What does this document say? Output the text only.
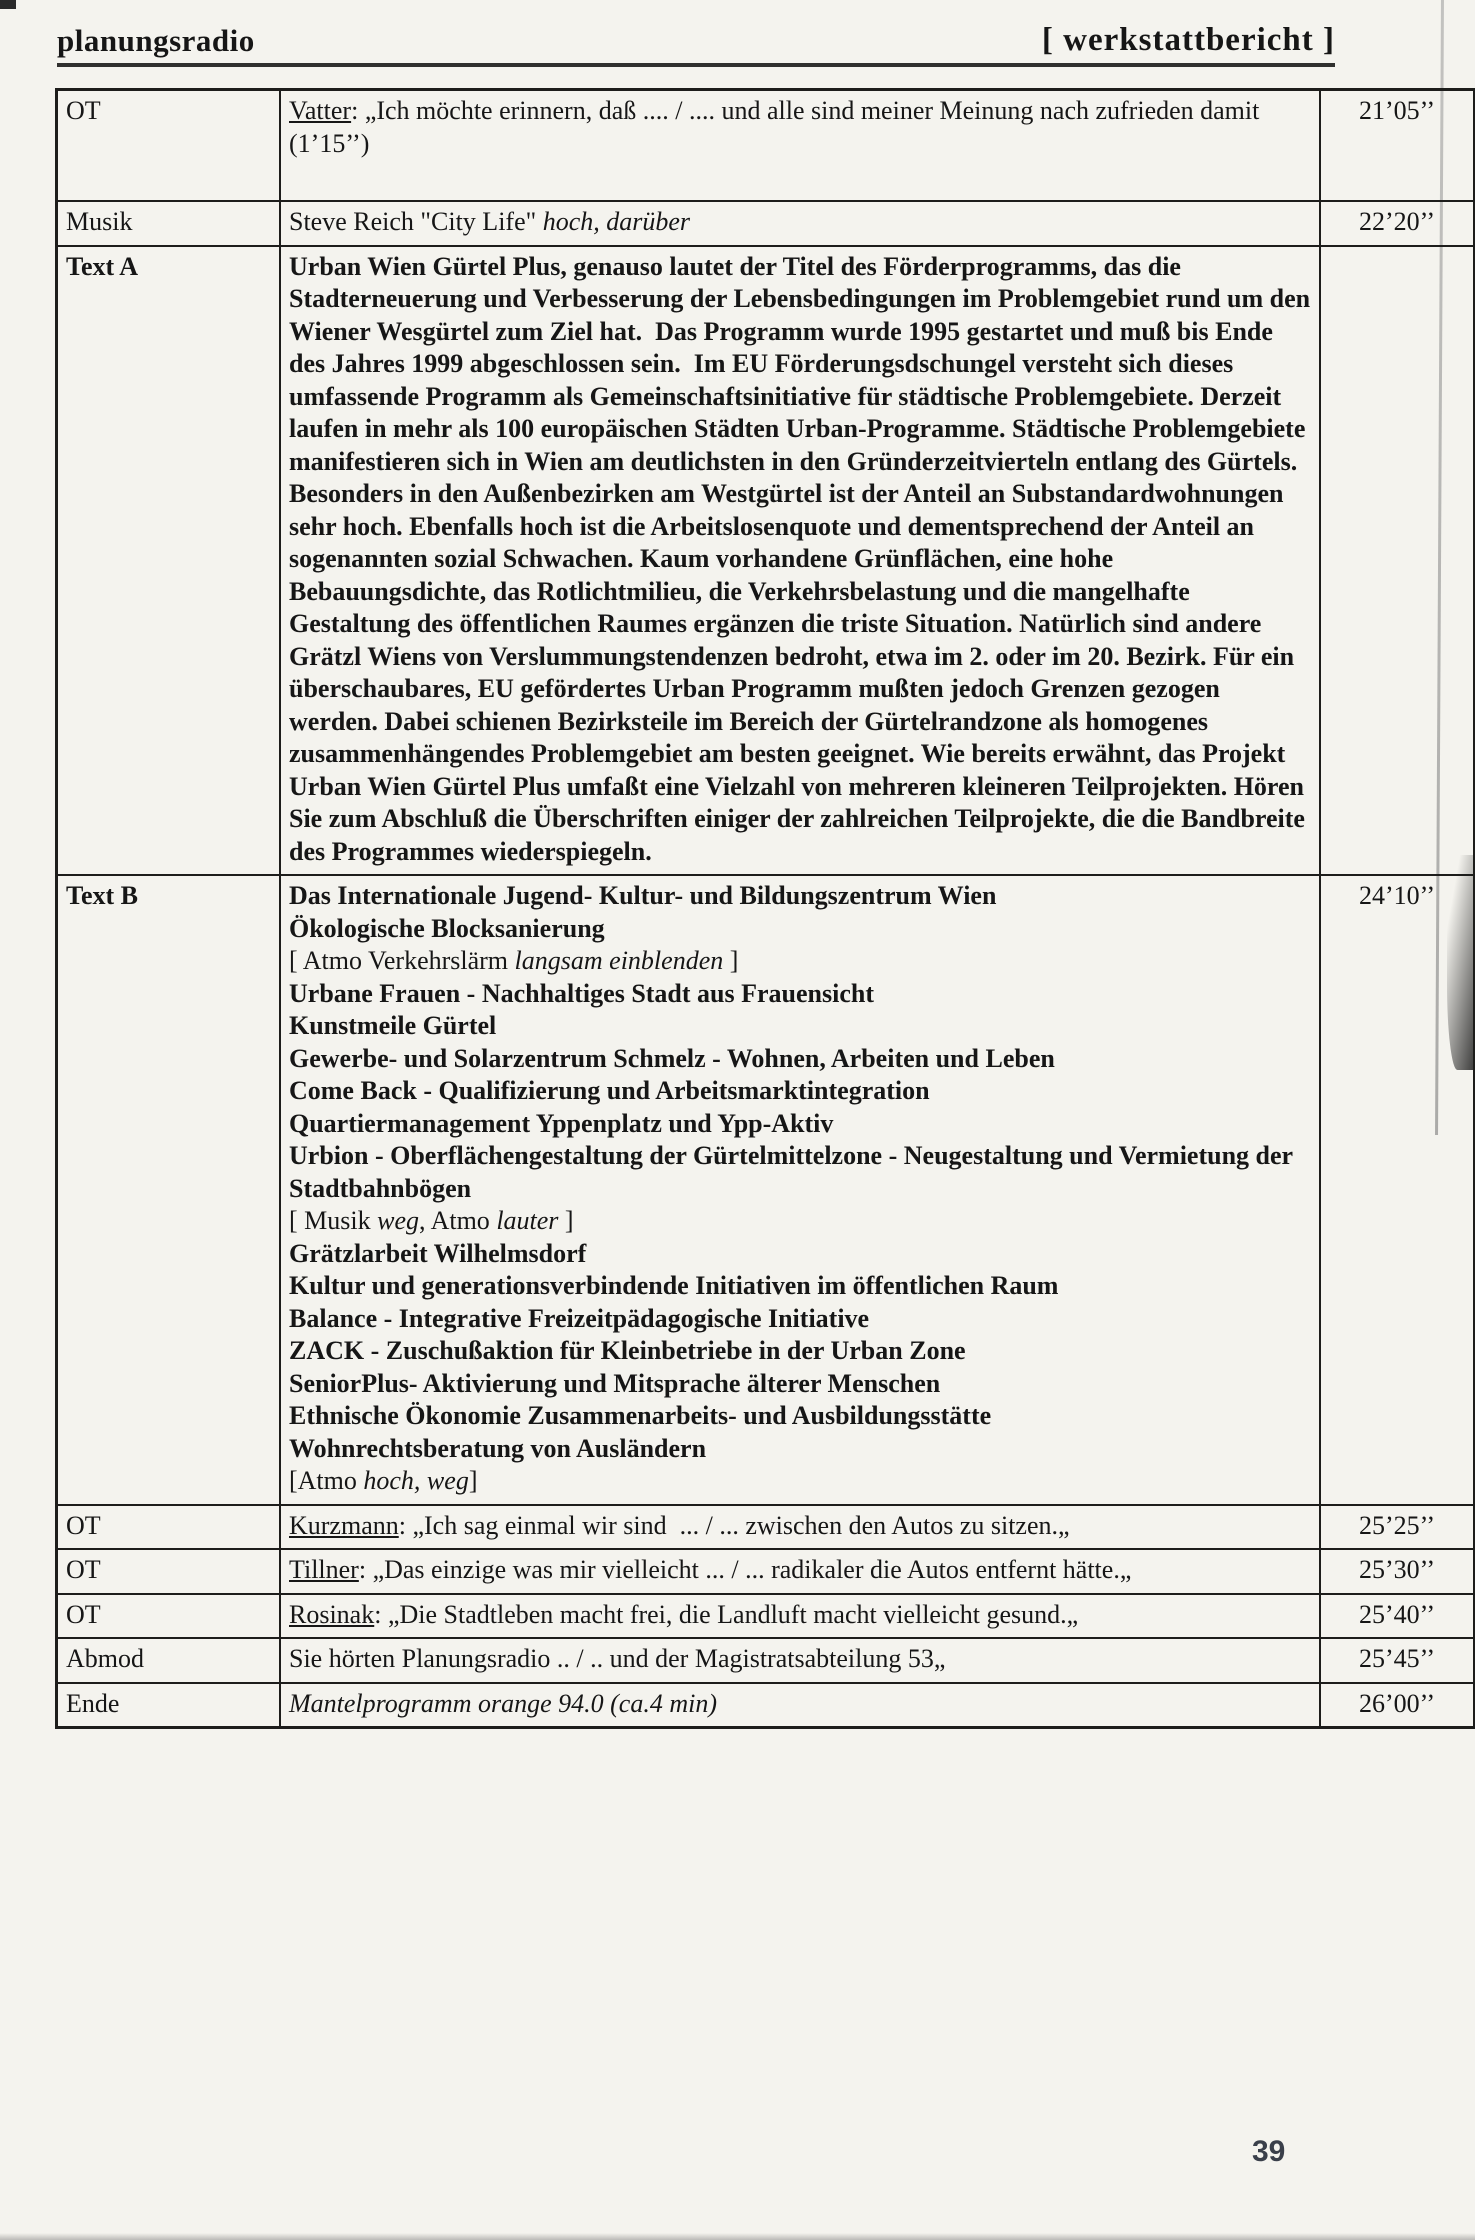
planungsradio	[ werkstattbericht ]
OT	Vatter: „Ich möchte erinnern, daß .... / .... und alle sind meiner Meinung nach zufrieden damit (1’15’’)	21’05’’
Musik	Steve Reich "City Life" hoch, darüber	22’20’’
Text A	Urban Wien Gürtel Plus, genauso lautet der Titel des Förderprogramms, das die Stadterneuerung und Verbesserung der Lebensbedingungen im Problemgebiet rund um den Wiener Wesgürtel zum Ziel hat.  Das Programm wurde 1995 gestartet und muß bis Ende des Jahres 1999 abgeschlossen sein.  Im EU Förderungsdschungel versteht sich dieses umfassende Programm als Gemeinschaftsinitiative für städtische Problemgebiete. Derzeit laufen in mehr als 100 europäischen Städten Urban-Programme. Städtische Problemgebiete manifestieren sich in Wien am deutlichsten in den Gründerzeitvierteln entlang des Gürtels.  Besonders in den Außenbezirken am Westgürtel ist der Anteil an Substandardwohnungen sehr hoch. Ebenfalls hoch ist die Arbeitslosenquote und dementsprechend der Anteil an sogenannten sozial Schwachen. Kaum vorhandene Grünflächen, eine hohe Bebauungsdichte, das Rotlichtmilieu, die Verkehrsbelastung und die mangelhafte Gestaltung des öffentlichen Raumes ergänzen die triste Situation. Natürlich sind andere Grätzl Wiens von Verslummungstendenzen bedroht, etwa im 2. oder im 20. Bezirk. Für ein überschaubares, EU gefördertes Urban Programm mußten jedoch Grenzen gezogen werden. Dabei schienen Bezirksteile im Bereich der Gürtelrandzone als homogenes zusammenhängendes Problemgebiet am besten geeignet. Wie bereits erwähnt, das Projekt Urban Wien Gürtel Plus umfaßt eine Vielzahl von mehreren kleineren Teilprojekten. Hören Sie zum Abschluß die Überschriften einiger der zahlreichen Teilprojekte, die die Bandbreite des Programmes wiederspiegeln.	

Text B	Das Internationale Jugend- Kultur- und Bildungszentrum Wien
Ökologische Blocksanierung
[ Atmo Verkehrslärm langsam einblenden ]
Urbane Frauen - Nachhaltiges Stadt aus Frauensicht
Kunstmeile Gürtel
Gewerbe- und Solarzentrum Schmelz - Wohnen, Arbeiten und Leben
Come Back - Qualifizierung und Arbeitsmarktintegration
Quartiermanagement Yppenplatz und Ypp-Aktiv
Urbion - Oberflächengestaltung der Gürtelmittelzone - Neugestaltung und Vermietung der Stadtbahnbögen
[ Musik weg, Atmo lauter ]
Grätzlarbeit Wilhelmsdorf
Kultur und generationsverbindende Initiativen im öffentlichen Raum
Balance - Integrative Freizeitpädagogische Initiative
ZACK - Zuschußaktion für Kleinbetriebe in der Urban Zone
SeniorPlus- Aktivierung und Mitsprache älterer Menschen
Ethnische Ökonomie Zusammenarbeits- und Ausbildungsstätte
Wohnrechtsberatung von Ausländern
[Atmo hoch, weg]
	24’10’’
OT	Kurzmann: „Ich sag einmal wir sind  ... / ... zwischen den Autos zu sitzen.„	25’25’’
OT	Tillner: „Das einzige was mir vielleicht ... / ... radikaler die Autos entfernt hätte.„	25’30’’
OT	Rosinak: „Die Stadtleben macht frei, die Landluft macht vielleicht gesund.„	25’40’’
Abmod	Sie hörten Planungsradio .. / .. und der Magistratsabteilung 53„	25’45’’
Ende	Mantelprogramm orange 94.0 (ca.4 min)	26’00’’
39
